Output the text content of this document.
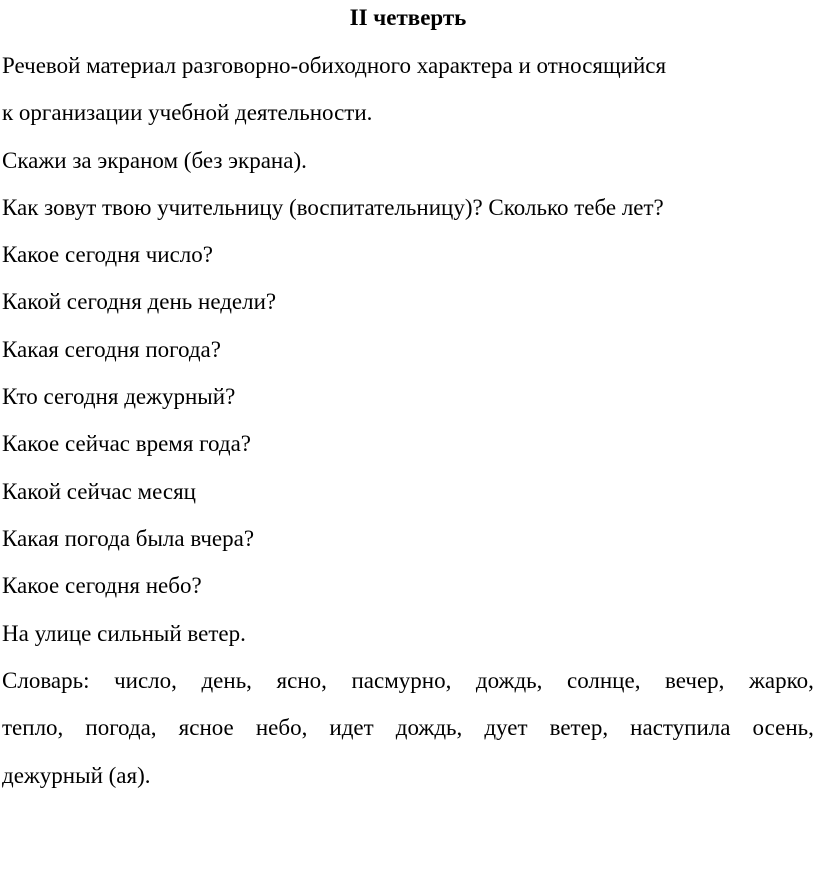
II четверть
Речевой материал разговорно-обиходного характера и относящийся
к организации учебной деятельности.
Скажи за экраном (без экрана).
Как зовут твою учительницу (воспитательницу)? Сколько тебе лет?
Какое сегодня число?
Какой сегодня день недели?
Какая сегодня погода?
Кто сегодня дежурный?
Какое сейчас время года?
Какой сейчас месяц
Какая погода была вчера?
Какое сегодня небо?
На улице сильный ветер.
Словарь: число, день, ясно, пасмурно, дождь, солнце, вечер, жарко,
тепло, погода, ясное небо, идет дождь, дует ветер, наступила осень,
дежурный (ая).
